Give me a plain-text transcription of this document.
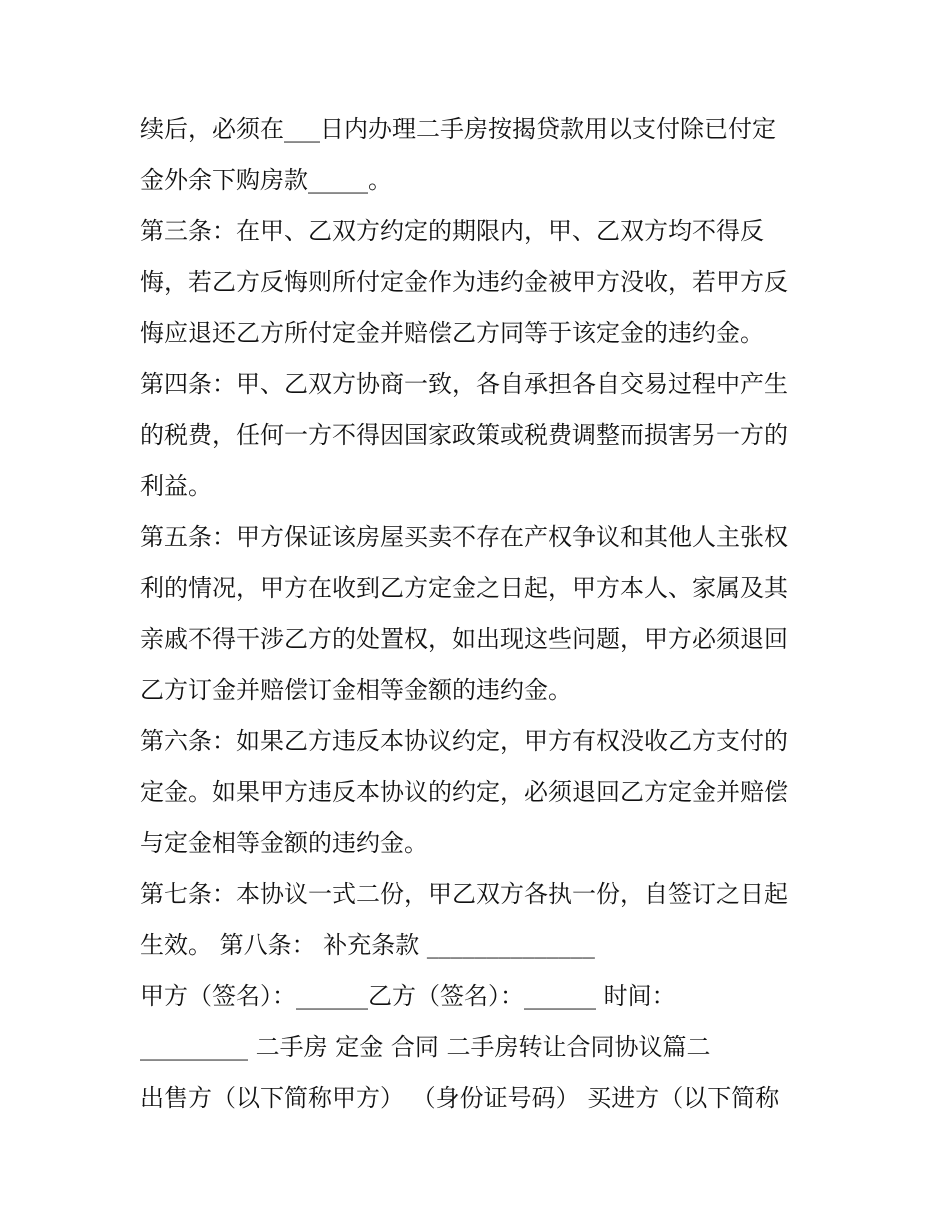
续后，必须在___日内办理二手房按揭贷款用以支付除已付定
金外余下购房款_____。
第三条：在甲、乙双方约定的期限内，甲、乙双方均不得反
悔，若乙方反悔则所付定金作为违约金被甲方没收，若甲方反
悔应退还乙方所付定金并赔偿乙方同等于该定金的违约金。
第四条：甲、乙双方协商一致，各自承担各自交易过程中产生
的税费，任何一方不得因国家政策或税费调整而损害另一方的
利益。
第五条：甲方保证该房屋买卖不存在产权争议和其他人主张权
利的情况，甲方在收到乙方定金之日起，甲方本人、家属及其
亲戚不得干涉乙方的处置权，如出现这些问题，甲方必须退回
乙方订金并赔偿订金相等金额的违约金。
第六条：如果乙方违反本协议约定，甲方有权没收乙方支付的
定金。如果甲方违反本协议的约定，必须退回乙方定金并赔偿
与定金相等金额的违约金。
第七条：本协议一式二份，甲乙双方各执一份，自签订之日起
生效。 第八条： 补充条款 ______________
甲方（签名）：______乙方（签名）：______ 时间：
_________ 二手房 定金 合同 二手房转让合同协议篇二
出售方（以下简称甲方） （身份证号码） 买进方（以下简称
